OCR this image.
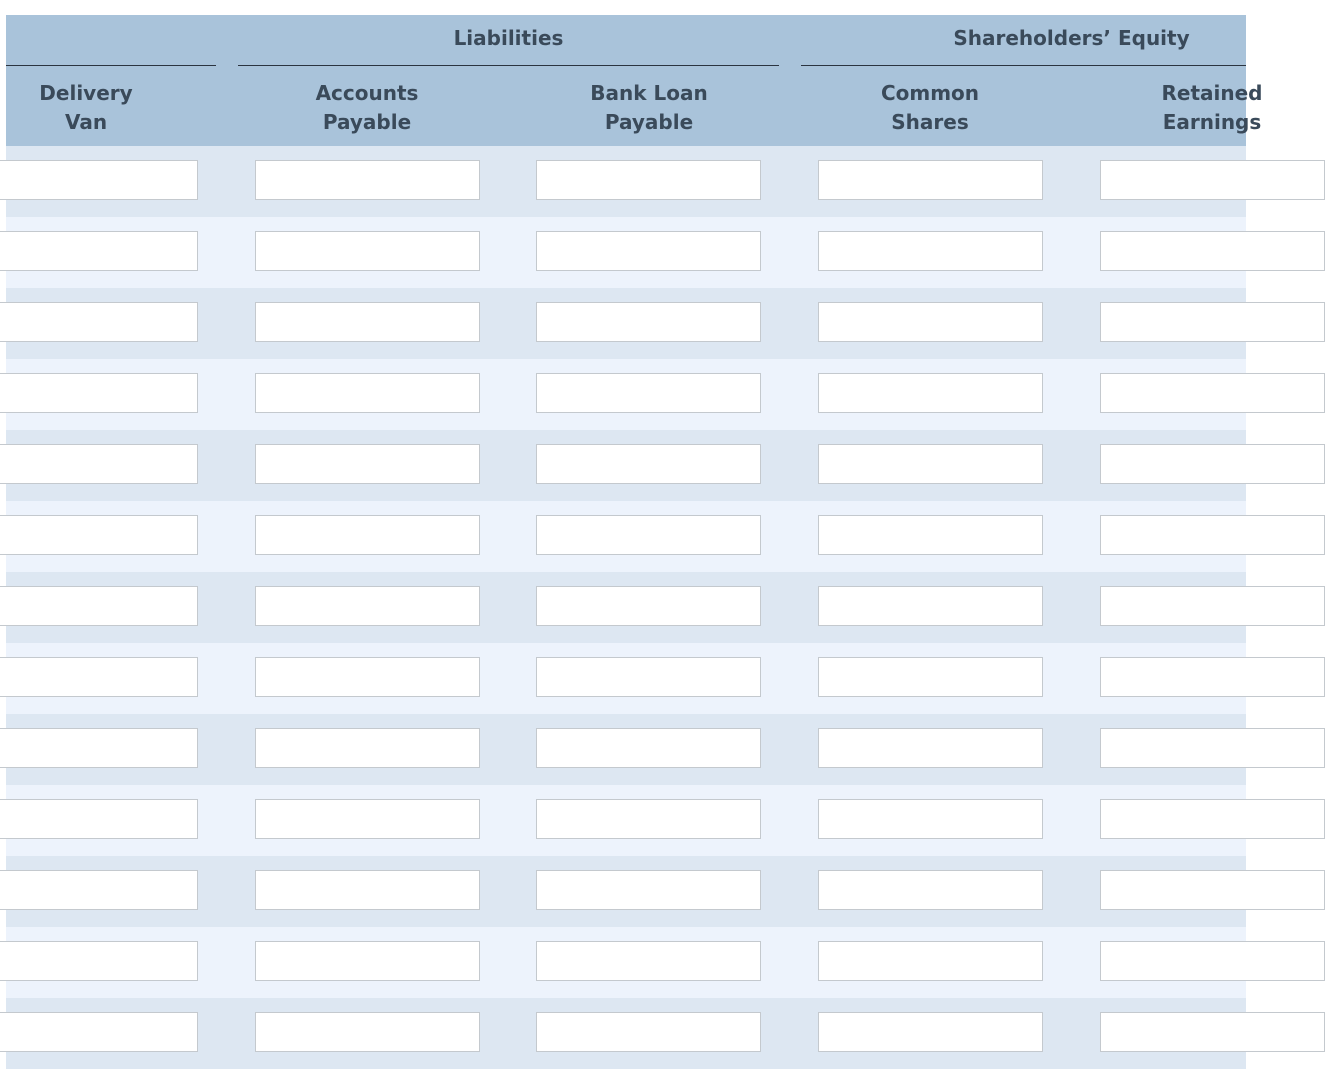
Liabilities	Shareholders’ Equity
Delivery
Van
Accounts
Payable
Bank Loan
Payable
Common
Shares
Retained
Earnings
